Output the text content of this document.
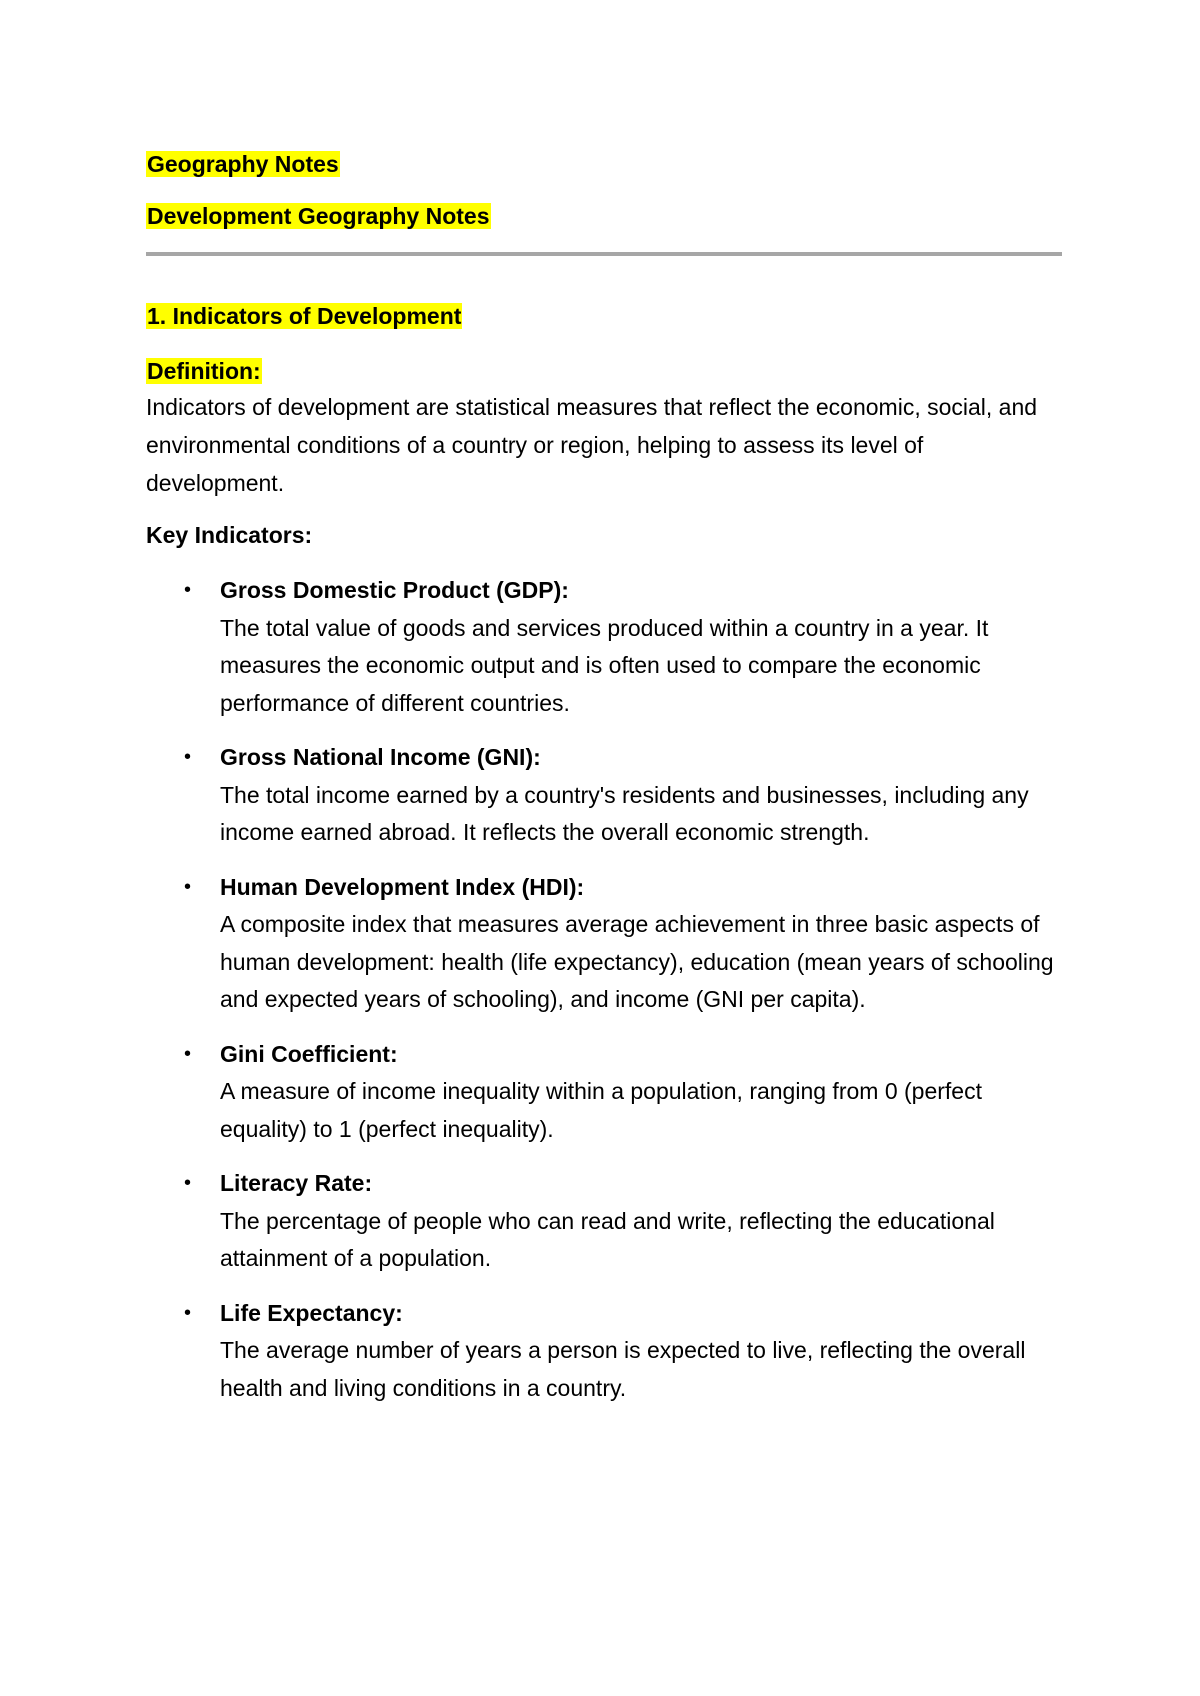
Geography Notes
Development Geography Notes
1. Indicators of Development
Definition:
Indicators of development are statistical measures that reflect the economic, social, and environmental conditions of a country or region, helping to assess its level of development.
Key Indicators:
• Gross Domestic Product (GDP):
The total value of goods and services produced within a country in a year. It measures the economic output and is often used to compare the economic performance of different countries.
• Gross National Income (GNI):
The total income earned by a country's residents and businesses, including any income earned abroad. It reflects the overall economic strength.
• Human Development Index (HDI):
A composite index that measures average achievement in three basic aspects of human development: health (life expectancy), education (mean years of schooling and expected years of schooling), and income (GNI per capita).
• Gini Coefficient:
A measure of income inequality within a population, ranging from 0 (perfect equality) to 1 (perfect inequality).
• Literacy Rate:
The percentage of people who can read and write, reflecting the educational attainment of a population.
• Life Expectancy:
The average number of years a person is expected to live, reflecting the overall health and living conditions in a country.
